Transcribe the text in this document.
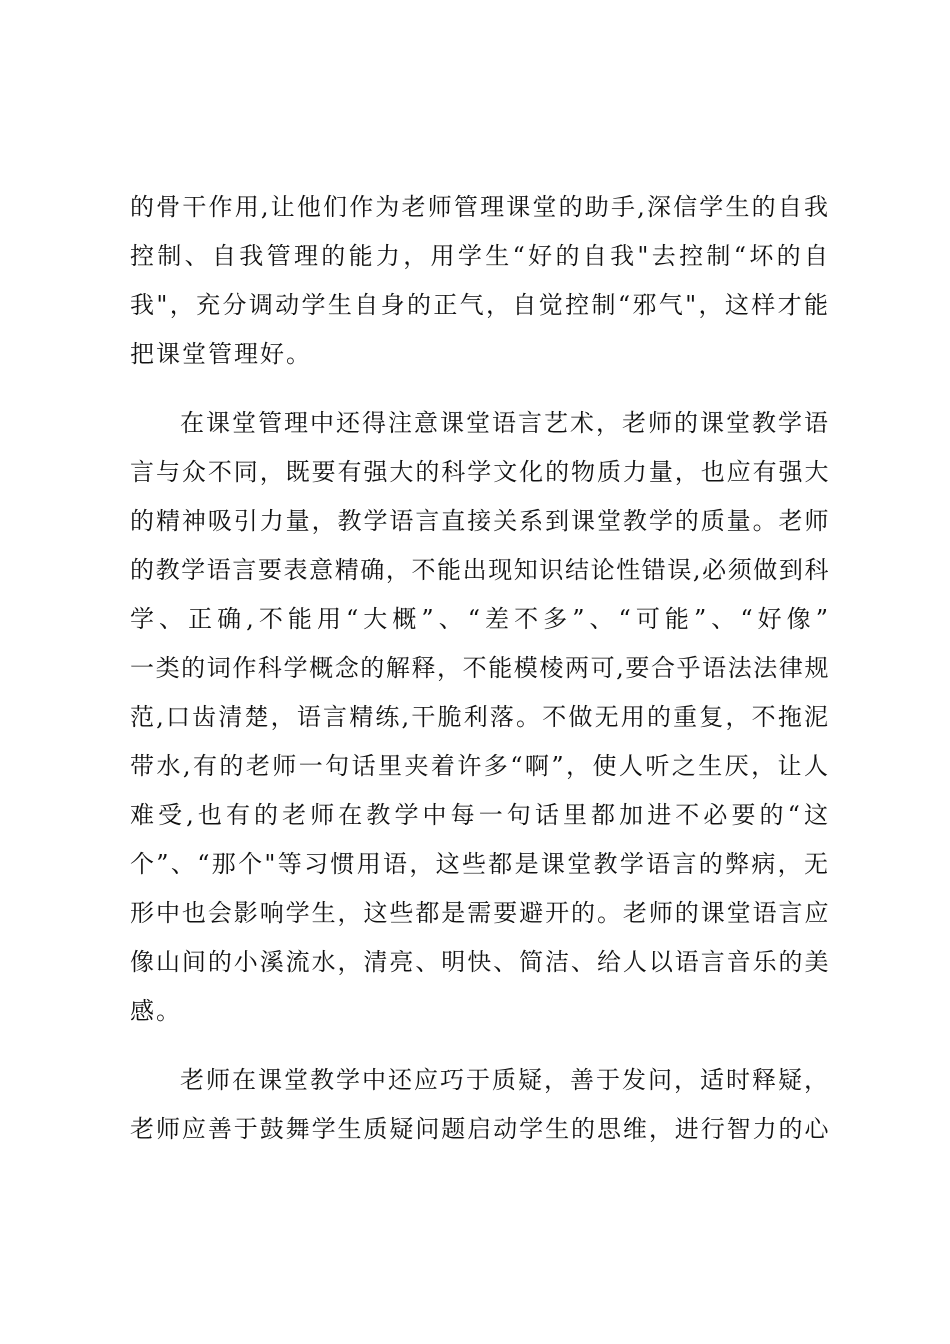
的骨干作用,让他们作为老师管理课堂的助手,深信学生的自我
控制、自我管理的能力，用学生“好的自我"去控制“坏的自
我"，充分调动学生自身的正气，自觉控制“邪气"，这样才能
把课堂管理好。
在课堂管理中还得注意课堂语言艺术，老师的课堂教学语
言与众不同，既要有强大的科学文化的物质力量，也应有强大
的精神吸引力量，教学语言直接关系到课堂教学的质量。老师
的教学语言要表意精确，不能出现知识结论性错误,必须做到科
学、正确,不能用“大概”、“差不多”、“可能”、“好像”
一类的词作科学概念的解释，不能模棱两可,要合乎语法法律规
范,口齿清楚，语言精练,干脆利落。不做无用的重复，不拖泥
带水,有的老师一句话里夹着许多“啊”，使人听之生厌，让人
难受,也有的老师在教学中每一句话里都加进不必要的“这
个”、“那个"等习惯用语，这些都是课堂教学语言的弊病，无
形中也会影响学生，这些都是需要避开的。老师的课堂语言应
像山间的小溪流水，清亮、明快、简洁、给人以语言音乐的美
感。
老师在课堂教学中还应巧于质疑，善于发问，适时释疑，
老师应善于鼓舞学生质疑问题启动学生的思维，进行智力的心
